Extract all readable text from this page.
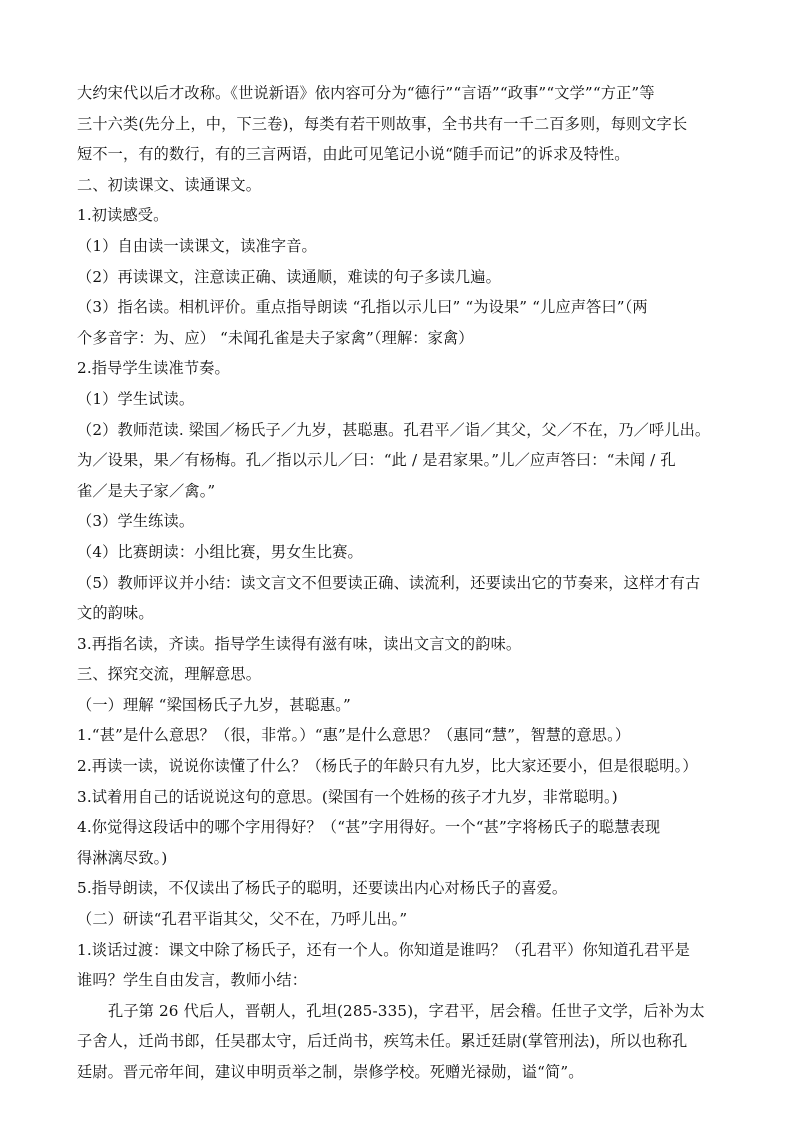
大约宋代以后才改称。《世说新语》依内容可分为“德行”“言语”“政事”“文学”“方正”等
三十六类(先分上，中，下三卷)，每类有若干则故事，全书共有一千二百多则，每则文字长
短不一，有的数行，有的三言两语，由此可见笔记小说“随手而记”的诉求及特性。
二、初读课文、读通课文。
1.初读感受。
（1）自由读一读课文，读准字音。
（2）再读课文，注意读正确、读通顺，难读的句子多读几遍。
（3）指名读。相机评价。重点指导朗读 “孔指以示儿曰” “为设果” “儿应声答曰”（两
个多音字：为、应） “未闻孔雀是夫子家禽”（理解：家禽）
2.指导学生读准节奏。
（1）学生试读。
（2）教师范读. 梁国／杨氏子／九岁，甚聪惠。孔君平／诣／其父，父／不在，乃／呼儿出。
为／设果，果／有杨梅。孔／指以示儿／曰：“此 / 是君家果。”儿／应声答曰：“未闻 / 孔
雀／是夫子家／禽。”
（3）学生练读。
（4）比赛朗读：小组比赛，男女生比赛。
（5）教师评议并小结：读文言文不但要读正确、读流利，还要读出它的节奏来，这样才有古
文的韵味。
3.再指名读，齐读。指导学生读得有滋有味，读出文言文的韵味。
三、探究交流，理解意思。
（一）理解 “梁国杨氏子九岁，甚聪惠。”
1.“甚”是什么意思？（很，非常。）“惠”是什么意思？（惠同“慧”，智慧的意思。）
2.再读一读，说说你读懂了什么？（杨氏子的年龄只有九岁，比大家还要小，但是很聪明。）
3.试着用自己的话说说这句的意思。(梁国有一个姓杨的孩子才九岁，非常聪明。)
4.你觉得这段话中的哪个字用得好？（“甚”字用得好。一个“甚”字将杨氏子的聪慧表现
得淋漓尽致。)
5.指导朗读，不仅读出了杨氏子的聪明，还要读出内心对杨氏子的喜爱。
（二）研读“孔君平诣其父，父不在，乃呼儿出。”
1.谈话过渡：课文中除了杨氏子，还有一个人。你知道是谁吗？（孔君平）你知道孔君平是
谁吗？学生自由发言，教师小结：
孔子第 26 代后人，晋朝人，孔坦(285-335)，字君平，居会稽。任世子文学，后补为太
子舍人，迁尚书郎，任吴郡太守，后迁尚书，疾笃未任。累迁廷尉(掌管刑法)，所以也称孔
廷尉。晋元帝年间，建议申明贡举之制，崇修学校。死赠光禄勋，谥“简”。
